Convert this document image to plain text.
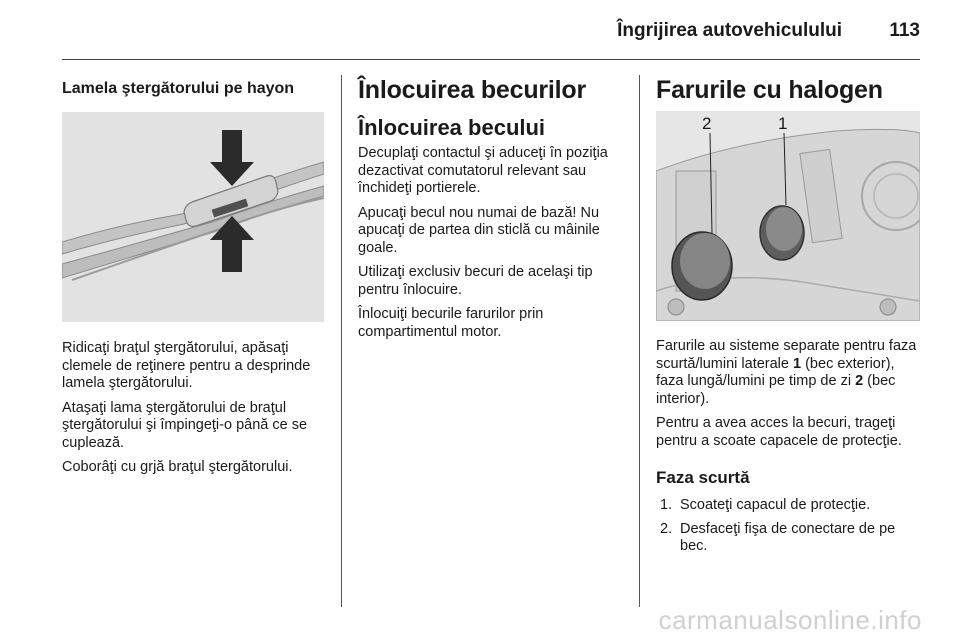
Îngrijirea autovehiculului 113
Lamela ştergătorului pe hayon

Ridicaţi braţul ştergătorului, apăsaţi clemele de reţinere pentru a desprinde lamela ştergătorului.

Ataşaţi lama ştergătorului de braţul ştergătorului şi împingeţi-o până ce se cuplează.

Coborâţi cu grjă braţul ştergătorului.

Înlocuirea becurilor
Înlocuirea becului

Decuplaţi contactul şi aduceţi în poziţia dezactivat comutatorul relevant sau închideţi portierele.

Apucaţi becul nou numai de bază! Nu apucaţi de partea din sticlă cu mâinile goale.

Utilizaţi exclusiv becuri de acelaşi tip pentru înlocuire.

Înlocuiţi becurile farurilor prin compartimentul motor.

Farurile cu halogen
2	1

Farurile au sisteme separate pentru faza scurtă/lumini laterale 1 (bec exterior), faza lungă/lumini pe timp de zi 2 (bec interior).

Pentru a avea acces la becuri, trageţi pentru a scoate capacele de protecţie.

Faza scurtă
1. Scoateţi capacul de protecţie.
2. Desfaceţi fişa de conectare de pe bec.
carmanualsonline.info
